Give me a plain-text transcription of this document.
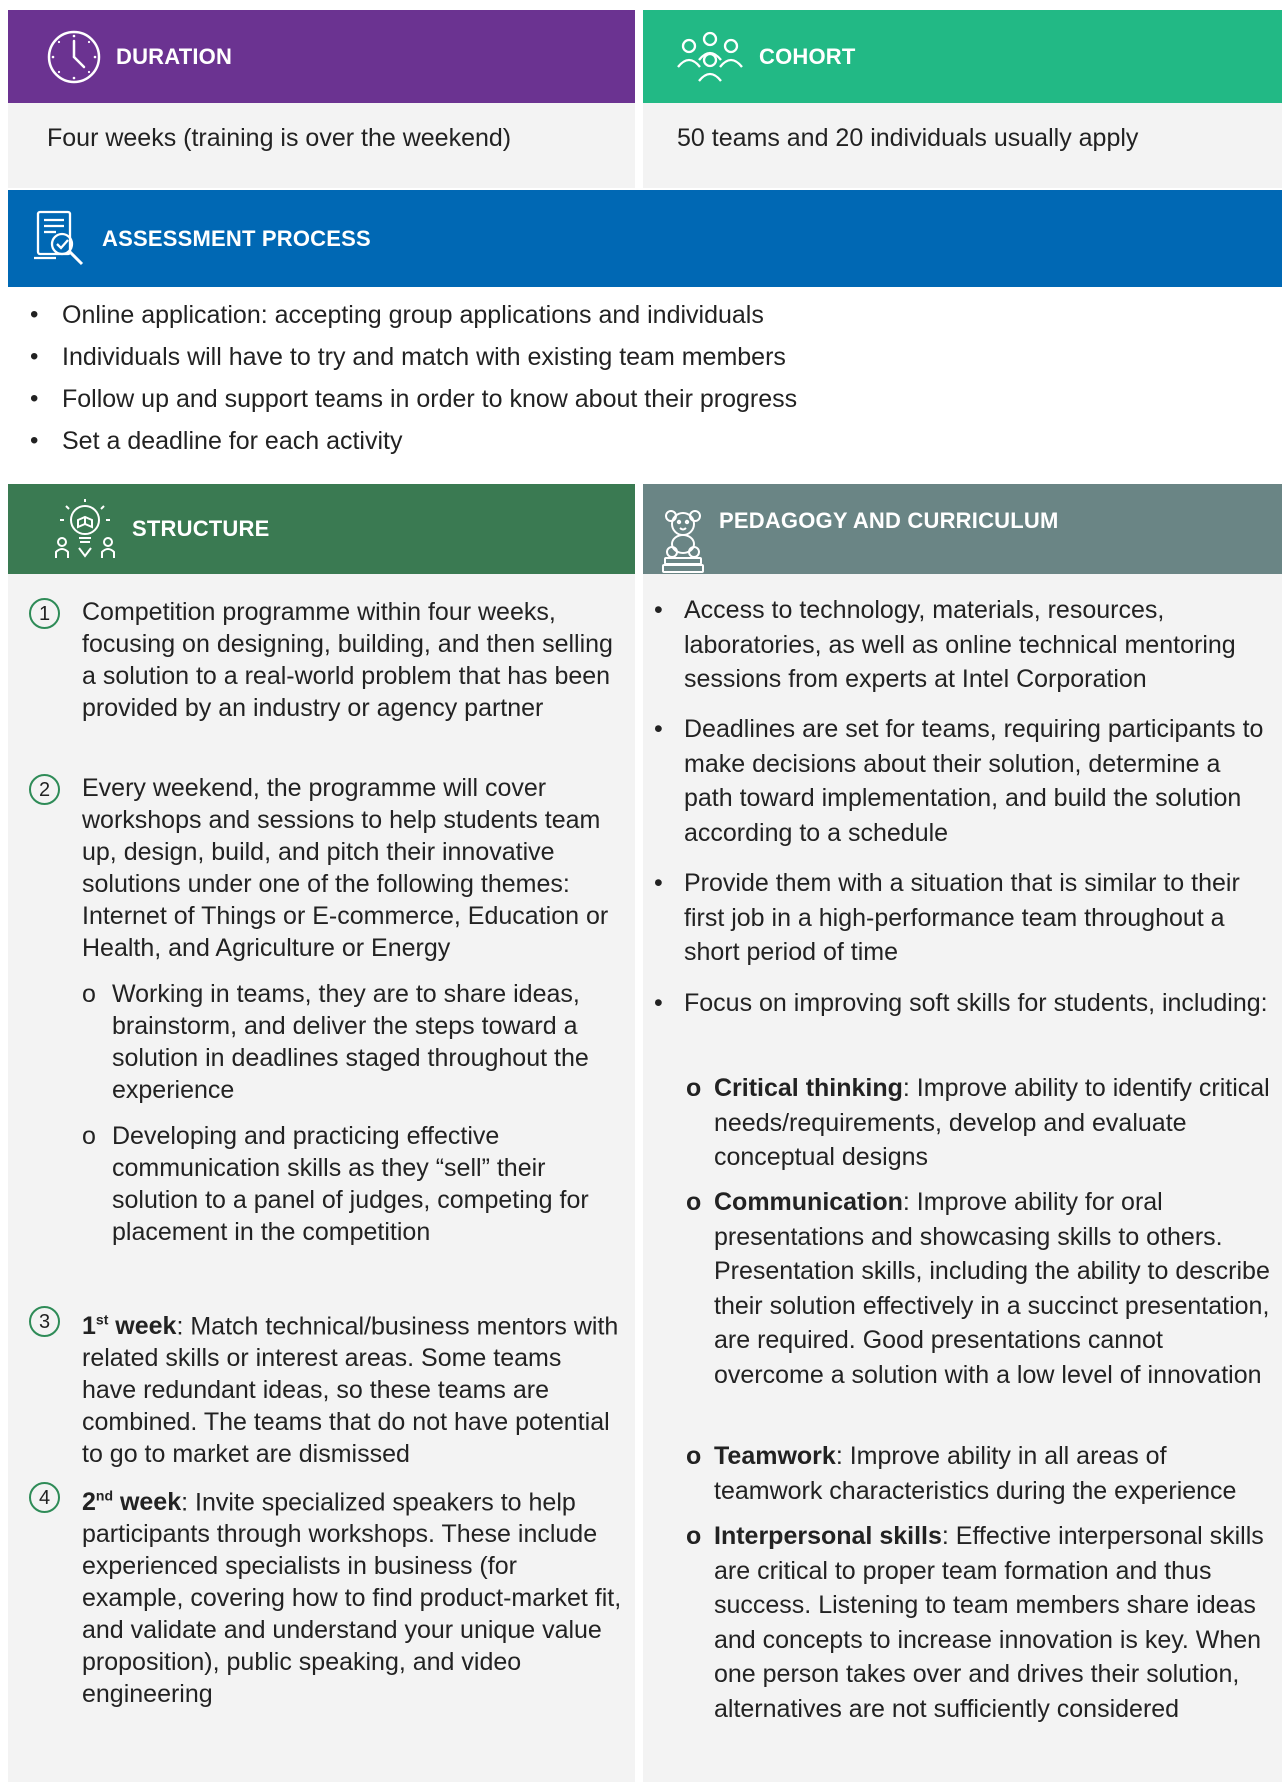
DURATION	COHORT
Four weeks (training is over the weekend)	50 teams and 20 individuals usually apply
ASSESSMENT PROCESS
• Online application: accepting group applications and individuals
• Individuals will have to try and match with existing team members
• Follow up and support teams in order to know about their progress
• Set a deadline for each activity
STRUCTURE	PEDAGOGY AND CURRICULUM
1	Competition programme within four weeks, focusing on designing, building, and then selling a solution to a real-world problem that has been provided by an industry or agency partner
2	Every weekend, the programme will cover workshops and sessions to help students team up, design, build, and pitch their innovative solutions under one of the following themes: Internet of Things or E-commerce, Education or Health, and Agriculture or Energy
o Working in teams, they are to share ideas, brainstorm, and deliver the steps toward a solution in deadlines staged throughout the experience
o Developing and practicing effective communication skills as they “sell” their solution to a panel of judges, competing for placement in the competition
3	1st week: Match technical/business mentors with related skills or interest areas. Some teams have redundant ideas, so these teams are combined. The teams that do not have potential to go to market are dismissed
4	2nd week: Invite specialized speakers to help participants through workshops. These include experienced specialists in business (for example, covering how to find product-market fit, and validate and understand your unique value proposition), public speaking, and video engineering
• Access to technology, materials, resources, laboratories, as well as online technical mentoring sessions from experts at Intel Corporation
• Deadlines are set for teams, requiring participants to make decisions about their solution, determine a path toward implementation, and build the solution according to a schedule
• Provide them with a situation that is similar to their first job in a high-performance team throughout a short period of time
• Focus on improving soft skills for students, including:
o Critical thinking: Improve ability to identify critical needs/requirements, develop and evaluate conceptual designs
o Communication: Improve ability for oral presentations and showcasing skills to others. Presentation skills, including the ability to describe their solution effectively in a succinct presentation, are required. Good presentations cannot overcome a solution with a low level of innovation
o Teamwork: Improve ability in all areas of teamwork characteristics during the experience
o Interpersonal skills: Effective interpersonal skills are critical to proper team formation and thus success. Listening to team members share ideas and concepts to increase innovation is key. When one person takes over and drives their solution, alternatives are not sufficiently considered
